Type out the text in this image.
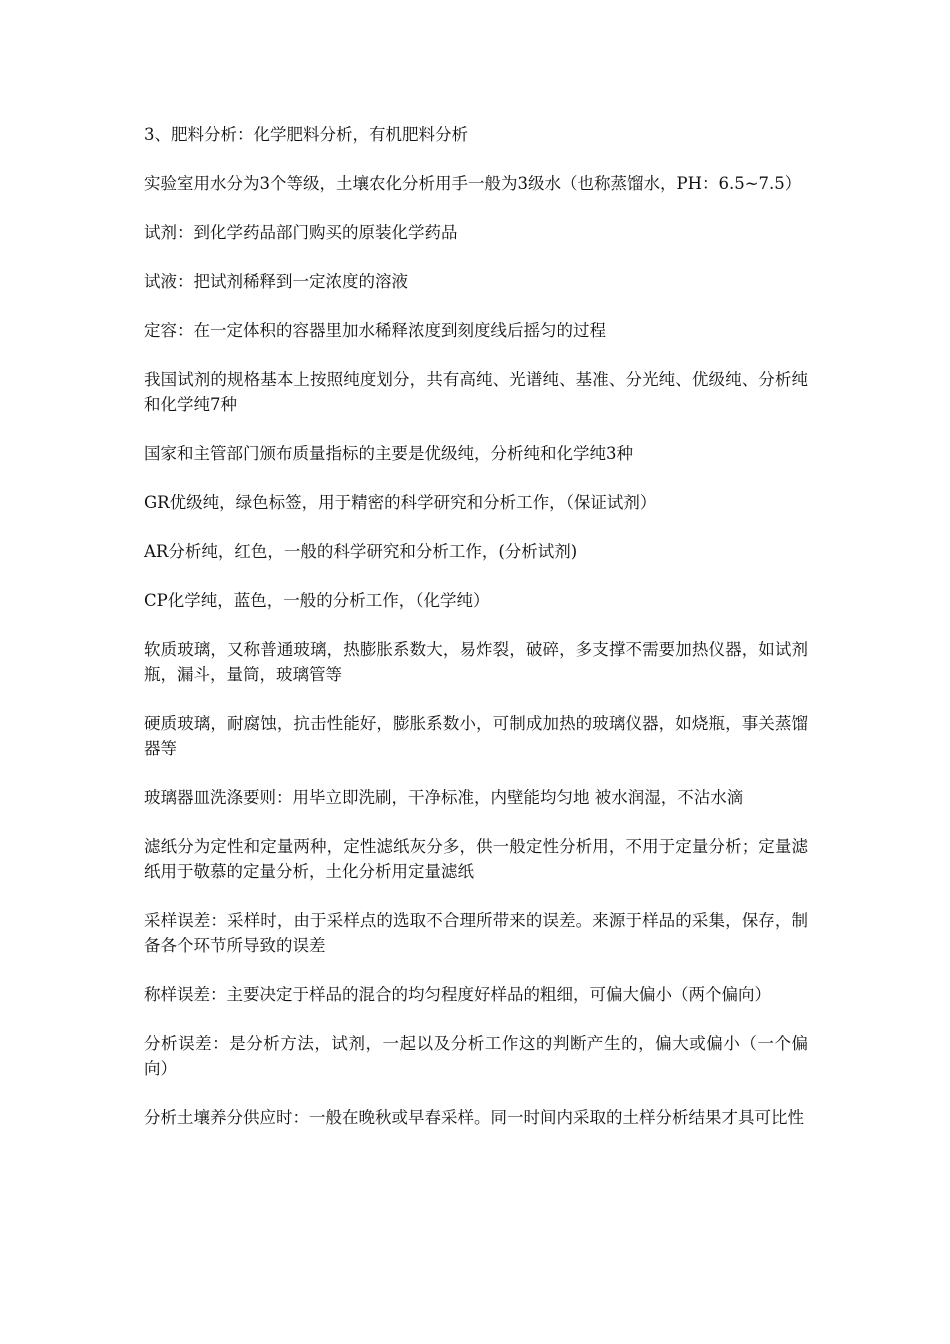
3、肥料分析：化学肥料分析，有机肥料分析

实验室用水分为3个等级，土壤农化分析用手一般为3级水（也称蒸馏水，PH：6.5~7.5）

试剂：到化学药品部门购买的原装化学药品

试液：把试剂稀释到一定浓度的溶液

定容：在一定体积的容器里加水稀释浓度到刻度线后摇匀的过程

我国试剂的规格基本上按照纯度划分，共有高纯、光谱纯、基准、分光纯、优级纯、分析纯和化学纯7种

国家和主管部门颁布质量指标的主要是优级纯，分析纯和化学纯3种

GR优级纯，绿色标签，用于精密的科学研究和分析工作，（保证试剂）

AR分析纯，红色，一般的科学研究和分析工作，(分析试剂)

CP化学纯，蓝色，一般的分析工作，（化学纯）

软质玻璃，又称普通玻璃，热膨胀系数大，易炸裂，破碎，多支撑不需要加热仪器，如试剂瓶，漏斗，量筒，玻璃管等

硬质玻璃，耐腐蚀，抗击性能好，膨胀系数小，可制成加热的玻璃仪器，如烧瓶，事关蒸馏器等

玻璃器皿洗涤要则：用毕立即洗刷，干净标准，内壁能均匀地 被水润湿，不沾水滴

滤纸分为定性和定量两种，定性滤纸灰分多，供一般定性分析用，不用于定量分析；定量滤纸用于敬慕的定量分析，土化分析用定量滤纸

采样误差：采样时，由于采样点的选取不合理所带来的误差。来源于样品的采集，保存，制备各个环节所导致的误差

称样误差：主要决定于样品的混合的均匀程度好样品的粗细，可偏大偏小（两个偏向）

分析误差：是分析方法，试剂，一起以及分析工作这的判断产生的，偏大或偏小（一个偏向）

分析土壤养分供应时：一般在晚秋或早春采样。同一时间内采取的土样分析结果才具可比性
